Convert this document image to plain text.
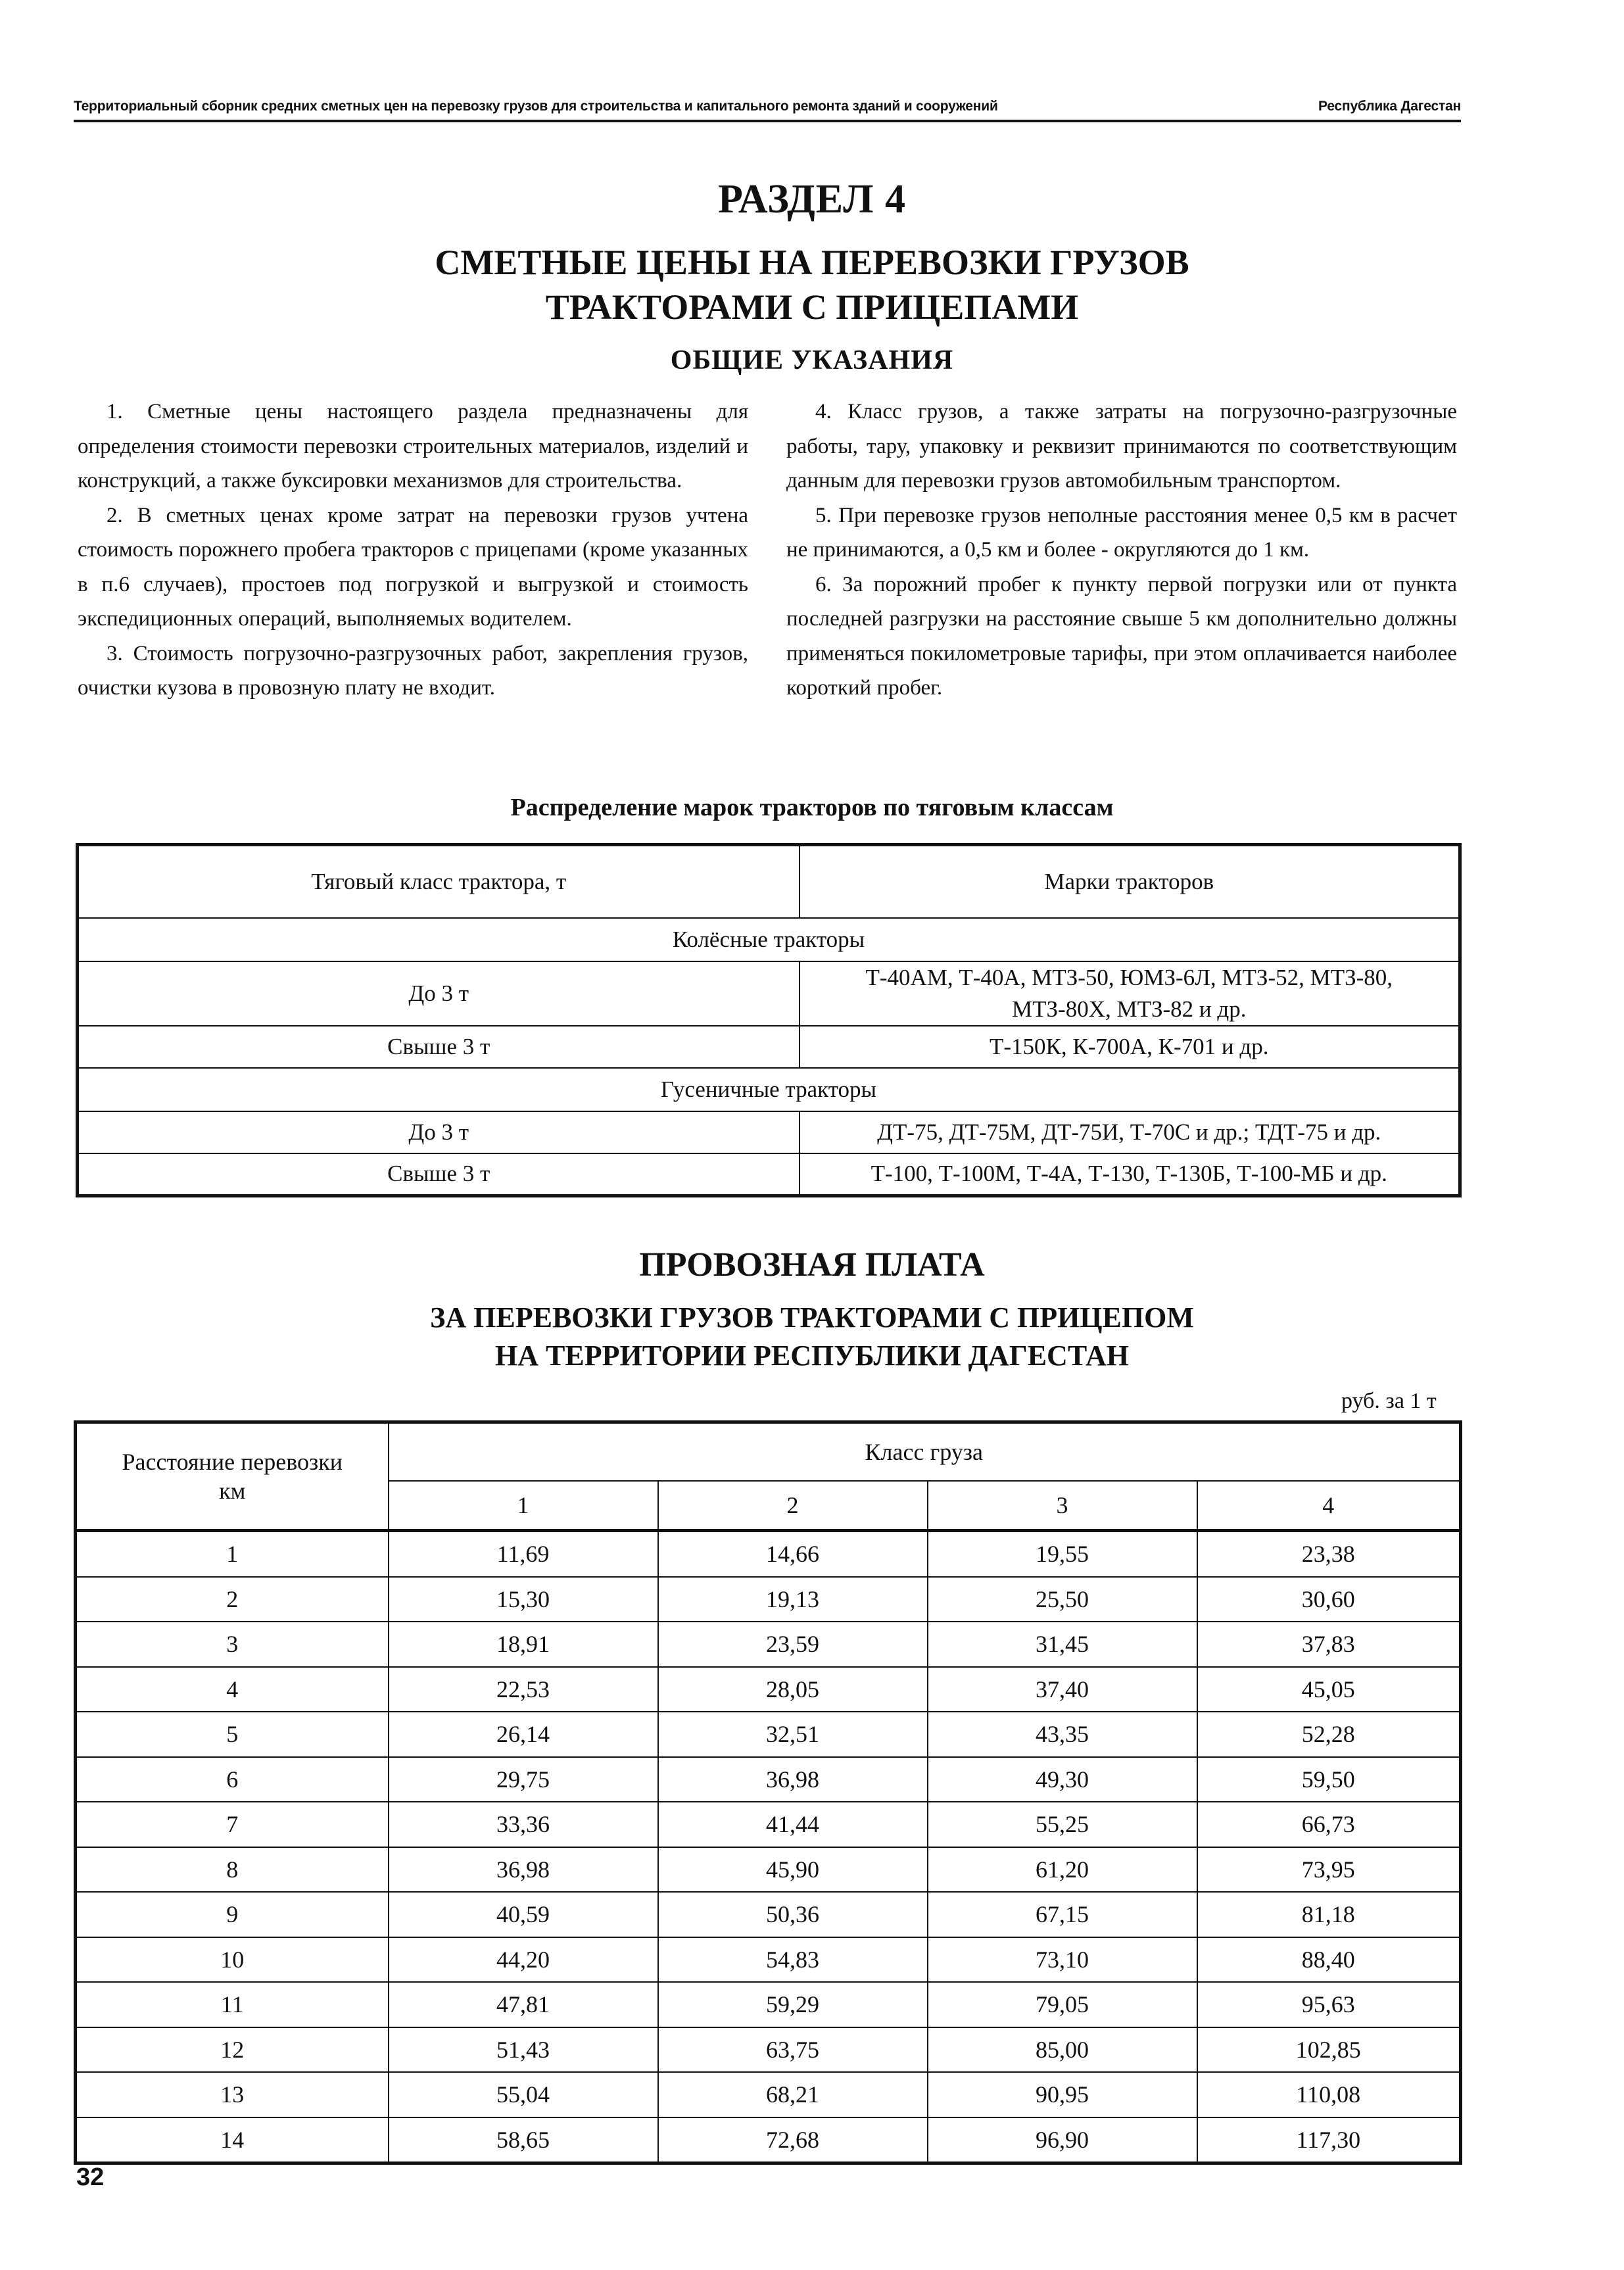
Территориальный сборник средних сметных цен на перевозку грузов для строительства и капитального ремонта зданий и сооружений	Республика Дагестан
РАЗДЕЛ 4
СМЕТНЫЕ ЦЕНЫ НА ПЕРЕВОЗКИ ГРУЗОВ
ТРАКТОРАМИ С ПРИЦЕПАМИ
ОБЩИЕ УКАЗАНИЯ

1. Сметные цены настоящего раздела предназначены для определения стоимости перевозки строительных материалов, изделий и конструкций, а также буксировки механизмов для строительства.

2. В сметных ценах кроме затрат на перевозки грузов учтена стоимость порожнего пробега тракторов с прицепами (кроме указанных в п.6 случаев), простоев под погрузкой и выгрузкой и стоимость экспедиционных операций, выполняемых водителем.

3. Стоимость погрузочно-разгрузочных работ, закрепления грузов, очистки кузова в провозную плату не входит.

4. Класс грузов, а также затраты на погрузочно-разгрузочные работы, тару, упаковку и реквизит принимаются по соответствующим данным для перевозки грузов автомобильным транспортом.

5. При перевозке грузов неполные расстояния менее 0,5 км в расчет не принимаются, а 0,5 км и более - округляются до 1 км.

6. За порожний пробег к пункту первой погрузки или от пункта последней разгрузки на расстояние свыше 5 км дополнительно должны применяться покилометровые тарифы, при этом оплачивается наиболее короткий пробег.

Распределение марок тракторов по тяговым классам
Тяговый класс трактора, т	Марки тракторов
Колёсные тракторы	
До 3 т	Т-40АМ, Т-40А, МТЗ-50, ЮМЗ-6Л, МТЗ-52, МТЗ-80, МТЗ-80Х, МТЗ-82 и др.
Свыше 3 т	Т-150К, К-700А, К-701 и др.
Гусеничные тракторы	
До 3 т	ДТ-75, ДТ-75М, ДТ-75И, Т-70С и др.; ТДТ-75 и др.
Свыше 3 т	Т-100, Т-100М, Т-4А, Т-130, Т-130Б, Т-100-МБ и др.
ПРОВОЗНАЯ ПЛАТА
ЗА ПЕРЕВОЗКИ ГРУЗОВ ТРАКТОРАМИ С ПРИЦЕПОМ
НА ТЕРРИТОРИИ РЕСПУБЛИКИ ДАГЕСТАН
руб. за 1 т
Расстояние перевозки
км	Класс груза			
	1	2	3	4
1	11,69	14,66	19,55	23,38
2	15,30	19,13	25,50	30,60
3	18,91	23,59	31,45	37,83
4	22,53	28,05	37,40	45,05
5	26,14	32,51	43,35	52,28
6	29,75	36,98	49,30	59,50
7	33,36	41,44	55,25	66,73
8	36,98	45,90	61,20	73,95
9	40,59	50,36	67,15	81,18
10	44,20	54,83	73,10	88,40
11	47,81	59,29	79,05	95,63
12	51,43	63,75	85,00	102,85
13	55,04	68,21	90,95	110,08
14	58,65	72,68	96,90	117,30
32
